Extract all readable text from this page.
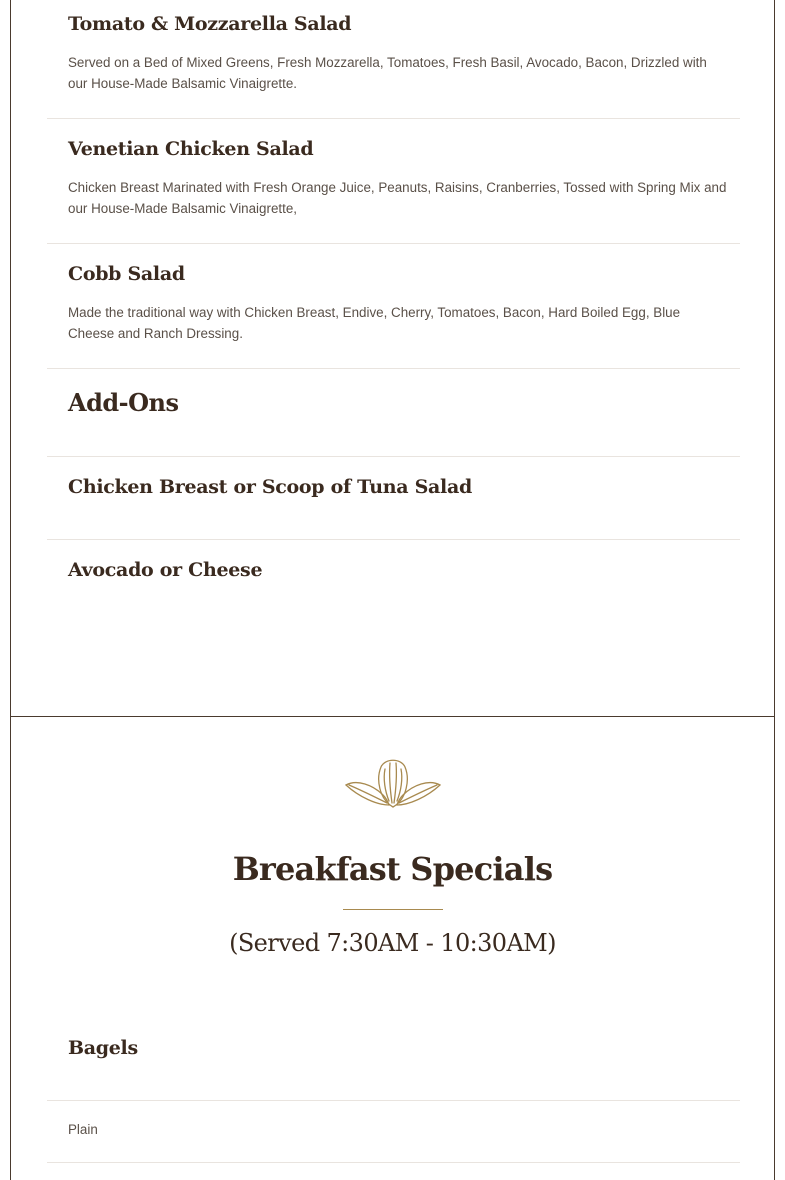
Tomato & Mozzarella Salad

Served on a Bed of Mixed Greens, Fresh Mozzarella, Tomatoes, Fresh Basil, Avocado, Bacon, Drizzled with our House-Made Balsamic Vinaigrette.

Venetian Chicken Salad

Chicken Breast Marinated with Fresh Orange Juice, Peanuts, Raisins, Cranberries, Tossed with Spring Mix and our House-Made Balsamic Vinaigrette,

Cobb Salad

Made the traditional way with Chicken Breast, Endive, Cherry, Tomatoes, Bacon, Hard Boiled Egg, Blue Cheese and Ranch Dressing.

Add-Ons
Chicken Breast or Scoop of Tuna Salad
Avocado or Cheese
Breakfast Specials
(Served 7:30AM - 10:30AM)
Bagels

Plain
